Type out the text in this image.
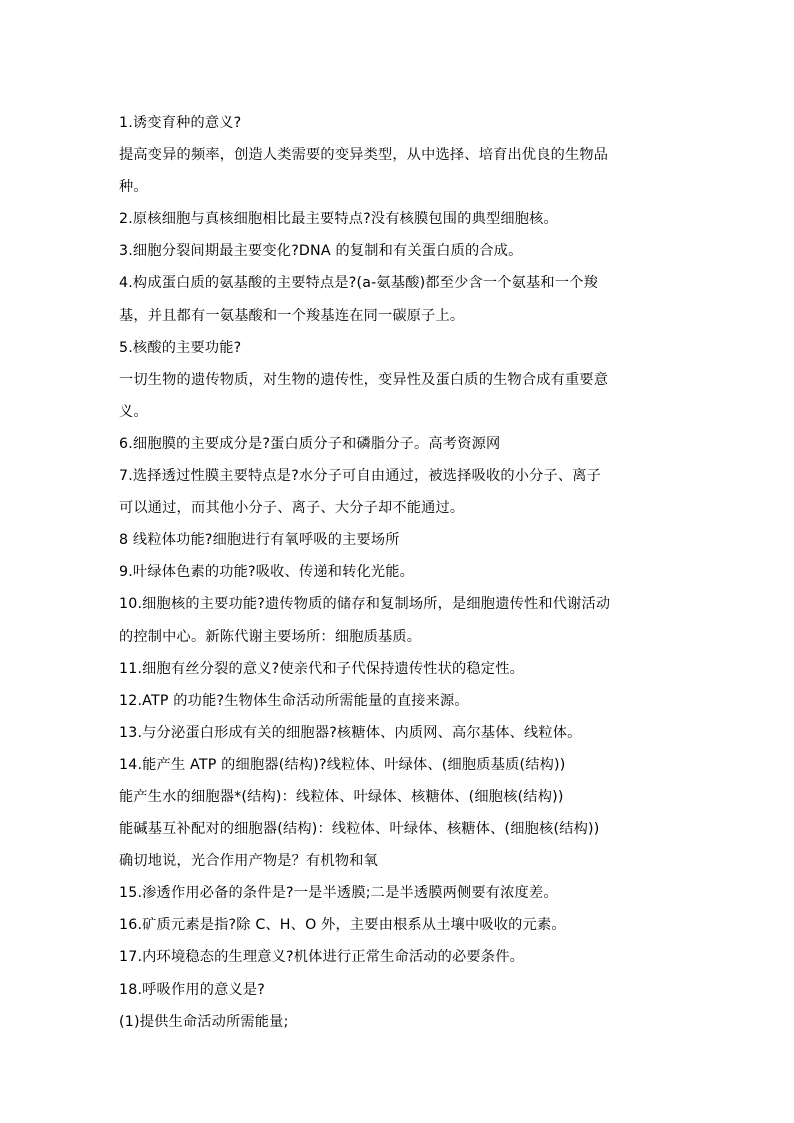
1.诱变育种的意义?
提高变异的频率，创造人类需要的变异类型，从中选择、培育出优良的生物品
种。
2.原核细胞与真核细胞相比最主要特点?没有核膜包围的典型细胞核。
3.细胞分裂间期最主要变化?DNA 的复制和有关蛋白质的合成。
4.构成蛋白质的氨基酸的主要特点是?(a-氨基酸)都至少含一个氨基和一个羧
基，并且都有一氨基酸和一个羧基连在同一碳原子上。
5.核酸的主要功能?
一切生物的遗传物质，对生物的遗传性，变异性及蛋白质的生物合成有重要意
义。
6.细胞膜的主要成分是?蛋白质分子和磷脂分子。高考资源网
7.选择透过性膜主要特点是?水分子可自由通过，被选择吸收的小分子、离子
可以通过，而其他小分子、离子、大分子却不能通过。
8 线粒体功能?细胞进行有氧呼吸的主要场所
9.叶绿体色素的功能?吸收、传递和转化光能。
10.细胞核的主要功能?遗传物质的储存和复制场所，是细胞遗传性和代谢活动
的控制中心。新陈代谢主要场所：细胞质基质。
11.细胞有丝分裂的意义?使亲代和子代保持遗传性状的稳定性。
12.ATP 的功能?生物体生命活动所需能量的直接来源。
13.与分泌蛋白形成有关的细胞器?核糖体、内质网、高尔基体、线粒体。
14.能产生 ATP 的细胞器(结构)?线粒体、叶绿体、(细胞质基质(结构))
能产生水的细胞器*(结构)：线粒体、叶绿体、核糖体、(细胞核(结构))
能碱基互补配对的细胞器(结构)：线粒体、叶绿体、核糖体、(细胞核(结构))
确切地说，光合作用产物是？有机物和氧
15.渗透作用必备的条件是?一是半透膜;二是半透膜两侧要有浓度差。
16.矿质元素是指?除 C、H、O 外，主要由根系从土壤中吸收的元素。
17.内环境稳态的生理意义?机体进行正常生命活动的必要条件。
18.呼吸作用的意义是?
(1)提供生命活动所需能量;
